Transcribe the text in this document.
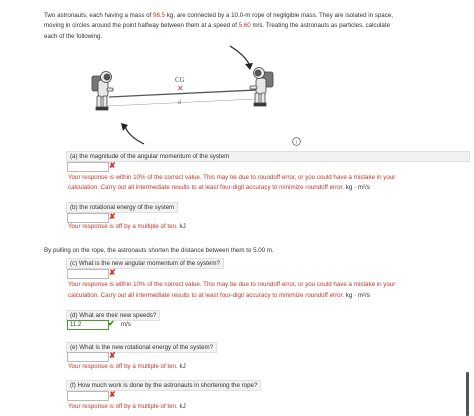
Two astronauts, each having a mass of 96.5 kg, are connected by a 10.0-m rope of negligible mass. They are isolated in space,
moving in circles around the point halfway between them at a speed of 5.60 m/s. Treating the astronauts as particles, calculate
each of the following.
d
CG
✕
i
(a) the magnitude of the angular momentum of the system
✘
Your response is within 10% of the correct value. This may be due to roundoff error, or you could have a mistake in your
calculation. Carry out all intermediate results to at least four-digit accuracy to minimize roundoff error. kg · m²/s
(b) the rotational energy of the system
✘
Your response is off by a multiple of ten. kJ
By pulling on the rope, the astronauts shorten the distance between them to 5.00 m.
(c) What is the new angular momentum of the system?
✘
Your response is within 10% of the correct value. This may be due to roundoff error, or you could have a mistake in your
calculation. Carry out all intermediate results to at least four-digit accuracy to minimize roundoff error. kg · m²/s
(d) What are their new speeds?
11.2
✔ m/s
(e) What is the new rotational energy of the system?
✘
Your response is off by a multiple of ten. kJ
(f) How much work is done by the astronauts in shortening the rope?
✘
Your response is off by a multiple of ten. kJ
